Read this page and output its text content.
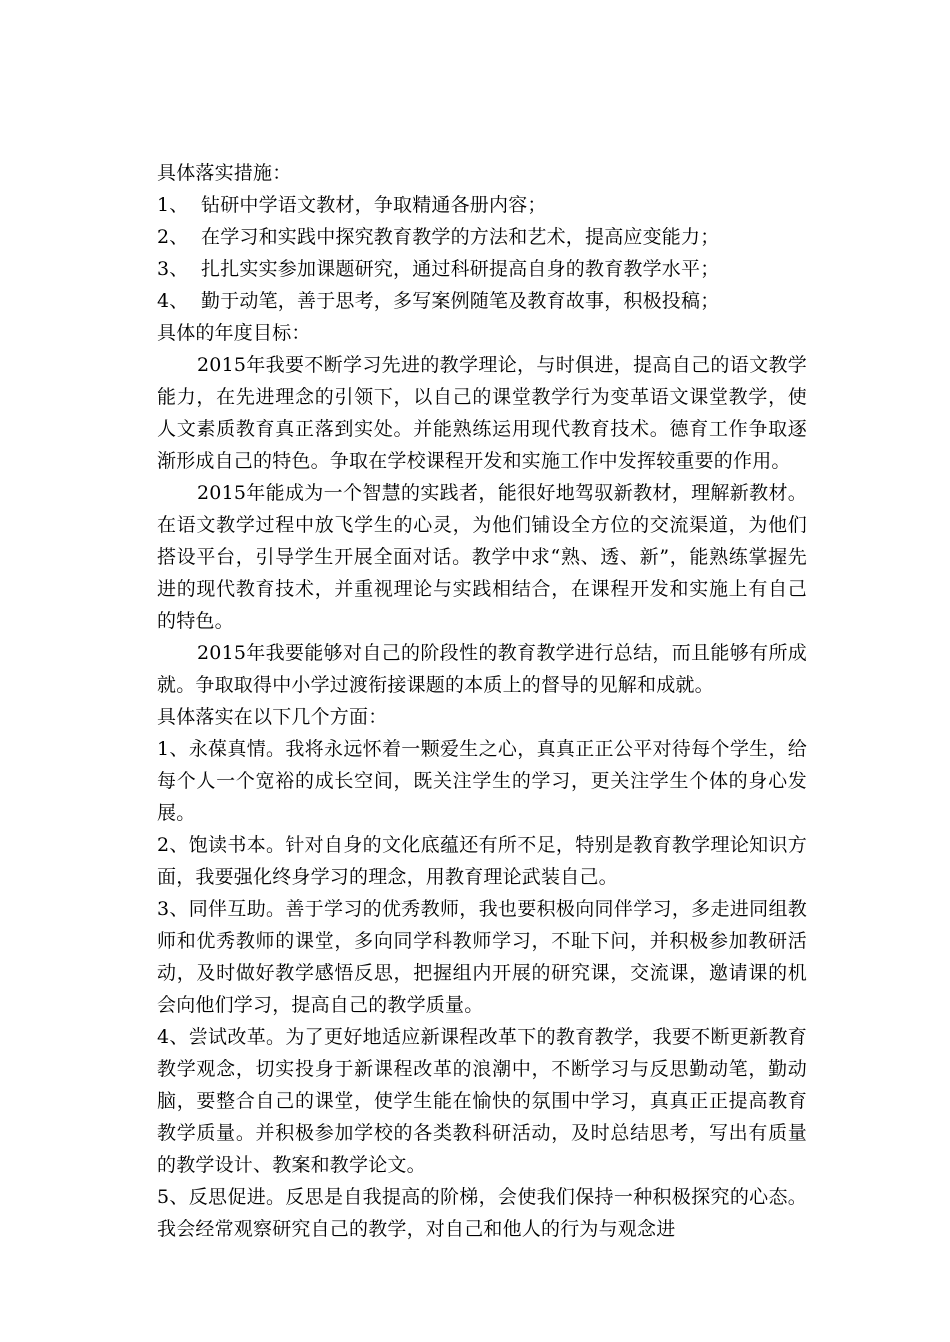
具体落实措施：
1、 钻研中学语文教材，争取精通各册内容；
2、 在学习和实践中探究教育教学的方法和艺术，提高应变能力；
3、 扎扎实实参加课题研究，通过科研提高自身的教育教学水平；
4、 勤于动笔，善于思考，多写案例随笔及教育故事，积极投稿；
具体的年度目标：

2015年我要不断学习先进的教学理论，与时俱进，提高自己的语文教学能力，在先进理念的引领下，以自己的课堂教学行为变革语文课堂教学，使人文素质教育真正落到实处。并能熟练运用现代教育技术。德育工作争取逐渐形成自己的特色。争取在学校课程开发和实施工作中发挥较重要的作用。

2015年能成为一个智慧的实践者，能很好地驾驭新教材，理解新教材。在语文教学过程中放飞学生的心灵，为他们铺设全方位的交流渠道，为他们搭设平台，引导学生开展全面对话。教学中求“熟、透、新”，能熟练掌握先进的现代教育技术，并重视理论与实践相结合，在课程开发和实施上有自己的特色。

2015年我要能够对自己的阶段性的教育教学进行总结，而且能够有所成就。争取取得中小学过渡衔接课题的本质上的督导的见解和成就。

具体落实在以下几个方面：

1、永葆真情。我将永远怀着一颗爱生之心，真真正正公平对待每个学生，给每个人一个宽裕的成长空间，既关注学生的学习，更关注学生个体的身心发展。

2、饱读书本。针对自身的文化底蕴还有所不足，特别是教育教学理论知识方面，我要强化终身学习的理念，用教育理论武装自己。

3、同伴互助。善于学习的优秀教师，我也要积极向同伴学习，多走进同组教师和优秀教师的课堂，多向同学科教师学习，不耻下问，并积极参加教研活动，及时做好教学感悟反思，把握组内开展的研究课，交流课，邀请课的机会向他们学习，提高自己的教学质量。

4、尝试改革。为了更好地适应新课程改革下的教育教学，我要不断更新教育教学观念，切实投身于新课程改革的浪潮中，不断学习与反思勤动笔，勤动脑，要整合自己的课堂，使学生能在愉快的氛围中学习，真真正正提高教育教学质量。并积极参加学校的各类教科研活动，及时总结思考，写出有质量的教学设计、教案和教学论文。

5、反思促进。反思是自我提高的阶梯，会使我们保持一种积极探究的心态。我会经常观察研究自己的教学，对自己和他人的行为与观念进
